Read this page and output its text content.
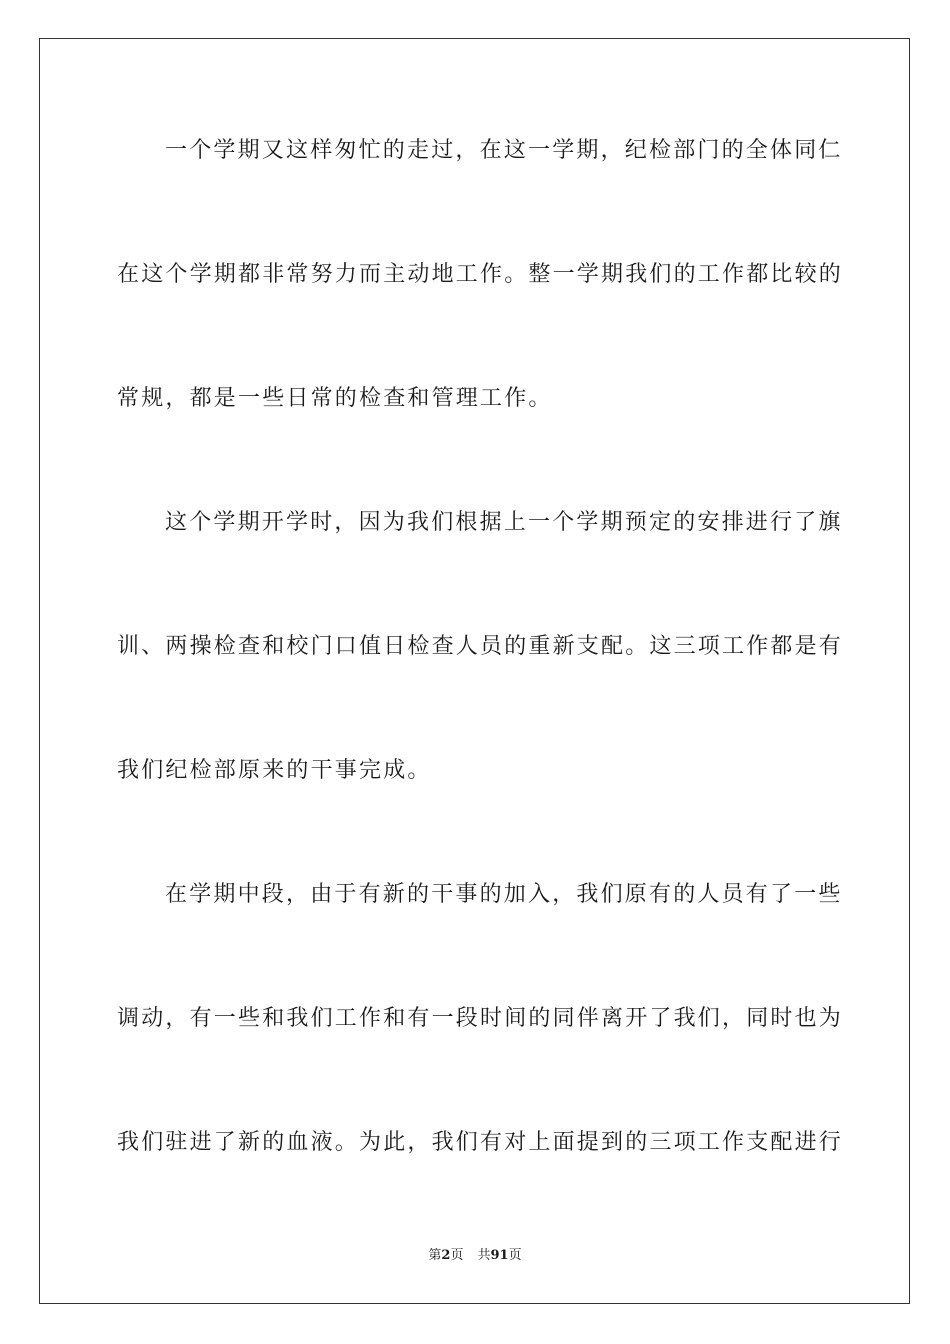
一个学期又这样匆忙的走过，在这一学期，纪检部门的全体同仁
在这个学期都非常努力而主动地工作。整一学期我们的工作都比较的
常规，都是一些日常的检查和管理工作。
这个学期开学时，因为我们根据上一个学期预定的安排进行了旗
训、两操检查和校门口值日检查人员的重新支配。这三项工作都是有
我们纪检部原来的干事完成。
在学期中段，由于有新的干事的加入，我们原有的人员有了一些
调动，有一些和我们工作和有一段时间的同伴离开了我们，同时也为
我们驻进了新的血液。为此，我们有对上面提到的三项工作支配进行
第2页 共91页
